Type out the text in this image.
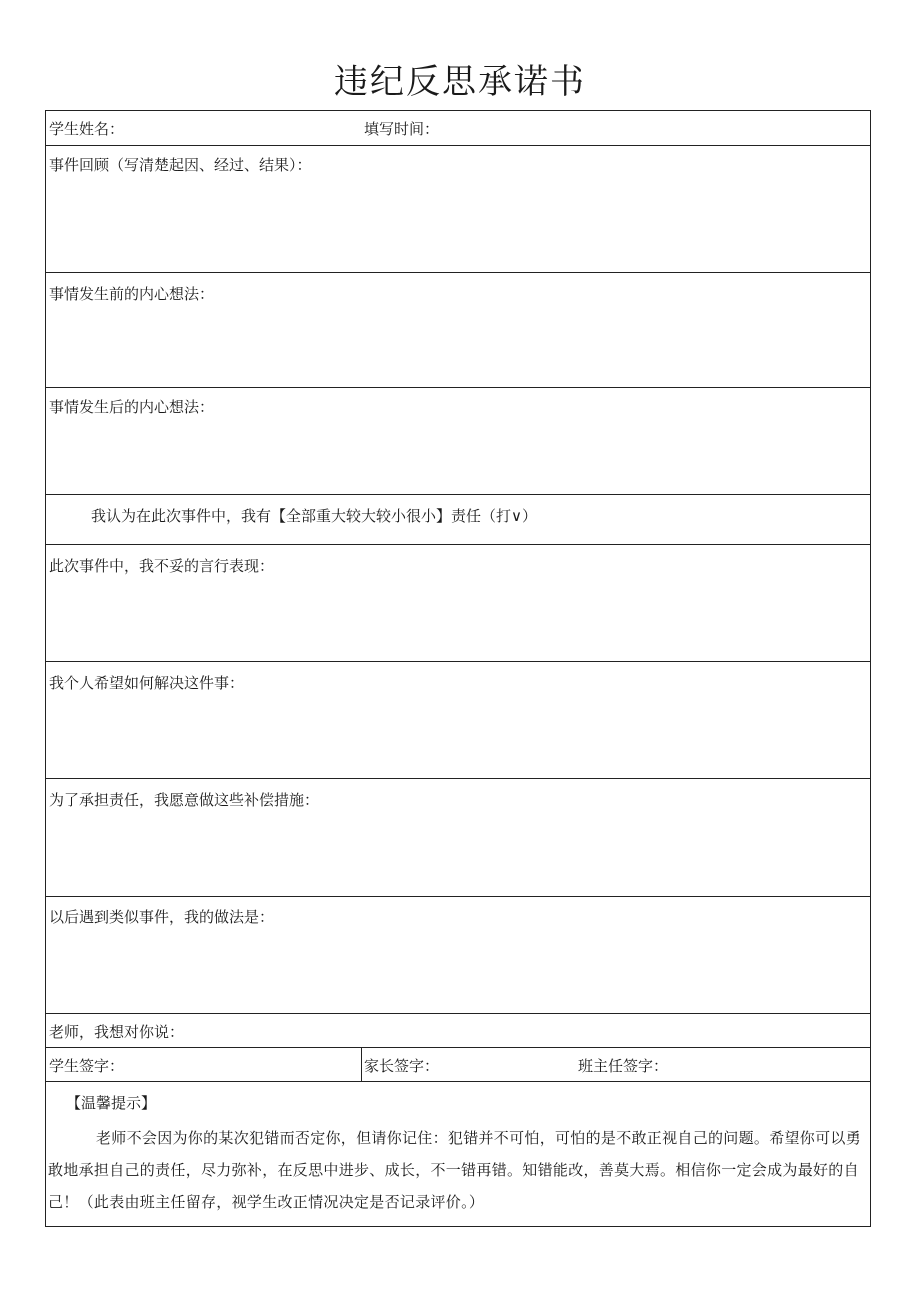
违纪反思承诺书
学生姓名：	填写时间：
事件回顾（写清楚起因、经过、结果）：
事情发生前的内心想法：
事情发生后的内心想法：
我认为在此次事件中，我有【全部重大较大较小很小】责任（打∨）
此次事件中，我不妥的言行表现：
我个人希望如何解决这件事：
为了承担责任，我愿意做这些补偿措施：
以后遇到类似事件，我的做法是：
老师，我想对你说：
学生签字：	家长签字：	班主任签字：
【温馨提示】
老师不会因为你的某次犯错而否定你，但请你记住：犯错并不可怕，可怕的是不敢正视自己的问题。希望你可以勇敢地承担自己的责任，尽力弥补，在反思中进步、成长，不一错再错。知错能改，善莫大焉。相信你一定会成为最好的自己！（此表由班主任留存，视学生改正情况决定是否记录评价。）
